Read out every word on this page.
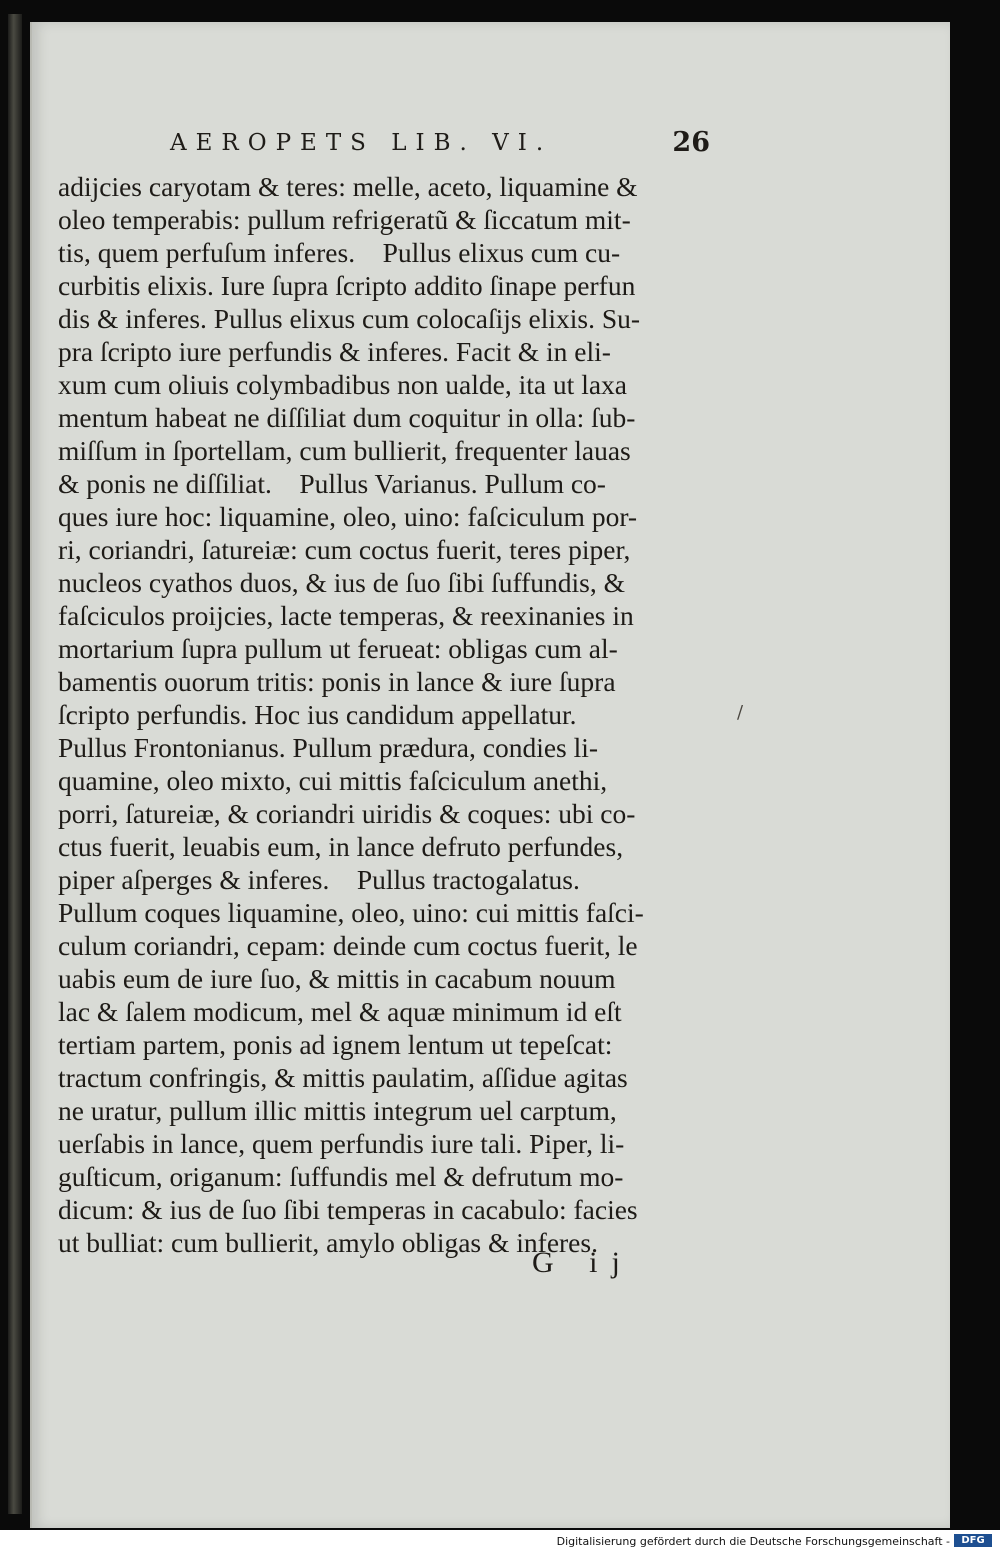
AEROPETS LIB. VI.	26
adijcies caryotam & teres: melle, aceto, liquamine &
oleo temperabis: pullum refrigeratũ & ſiccatum mit-
tis, quem perfuſum inferes.    Pullus elixus cum cu-
curbitis elixis. Iure ſupra ſcripto addito ſinape perfun
dis & inferes. Pullus elixus cum colocaſijs elixis. Su-
pra ſcripto iure perfundis & inferes. Facit & in eli-
xum cum oliuis colymbadibus non ualde, ita ut laxa
mentum habeat ne diſſiliat dum coquitur in olla: ſub-
miſſum in ſportellam, cum bullierit, frequenter lauas
& ponis ne diſſiliat.    Pullus Varianus. Pullum co-
ques iure hoc: liquamine, oleo, uino: faſciculum por-
ri, coriandri, ſatureiæ: cum coctus fuerit, teres piper,
nucleos cyathos duos, & ius de ſuo ſibi ſuffundis, &
faſciculos proijcies, lacte temperas, & reexinanies in
mortarium ſupra pullum ut ferueat: obligas cum al-
bamentis ouorum tritis: ponis in lance & iure ſupra
ſcripto perfundis. Hoc ius candidum appellatur.
Pullus Frontonianus. Pullum prædura, condies li-
quamine, oleo mixto, cui mittis faſciculum anethi,
porri, ſatureiæ, & coriandri uiridis & coques: ubi co-
ctus fuerit, leuabis eum, in lance defruto perfundes,
piper aſperges & inferes.    Pullus tractogalatus.
Pullum coques liquamine, oleo, uino: cui mittis faſci-
culum coriandri, cepam: deinde cum coctus fuerit, le
uabis eum de iure ſuo, & mittis in cacabum nouum
lac & ſalem modicum, mel & aquæ minimum id eſt
tertiam partem, ponis ad ignem lentum ut tepeſcat:
tractum confringis, & mittis paulatim, aſſidue agitas
ne uratur, pullum illic mittis integrum uel carptum,
uerſabis in lance, quem perfundis iure tali. Piper, li-
guſticum, origanum: ſuffundis mel & defrutum mo-
dicum: & ius de ſuo ſibi temperas in cacabulo: facies
ut bulliat: cum bullierit, amylo obligas & inferes.
/
G ij
Digitalisierung gefördert durch die Deutsche Forschungsgemeinschaft -	DFG
